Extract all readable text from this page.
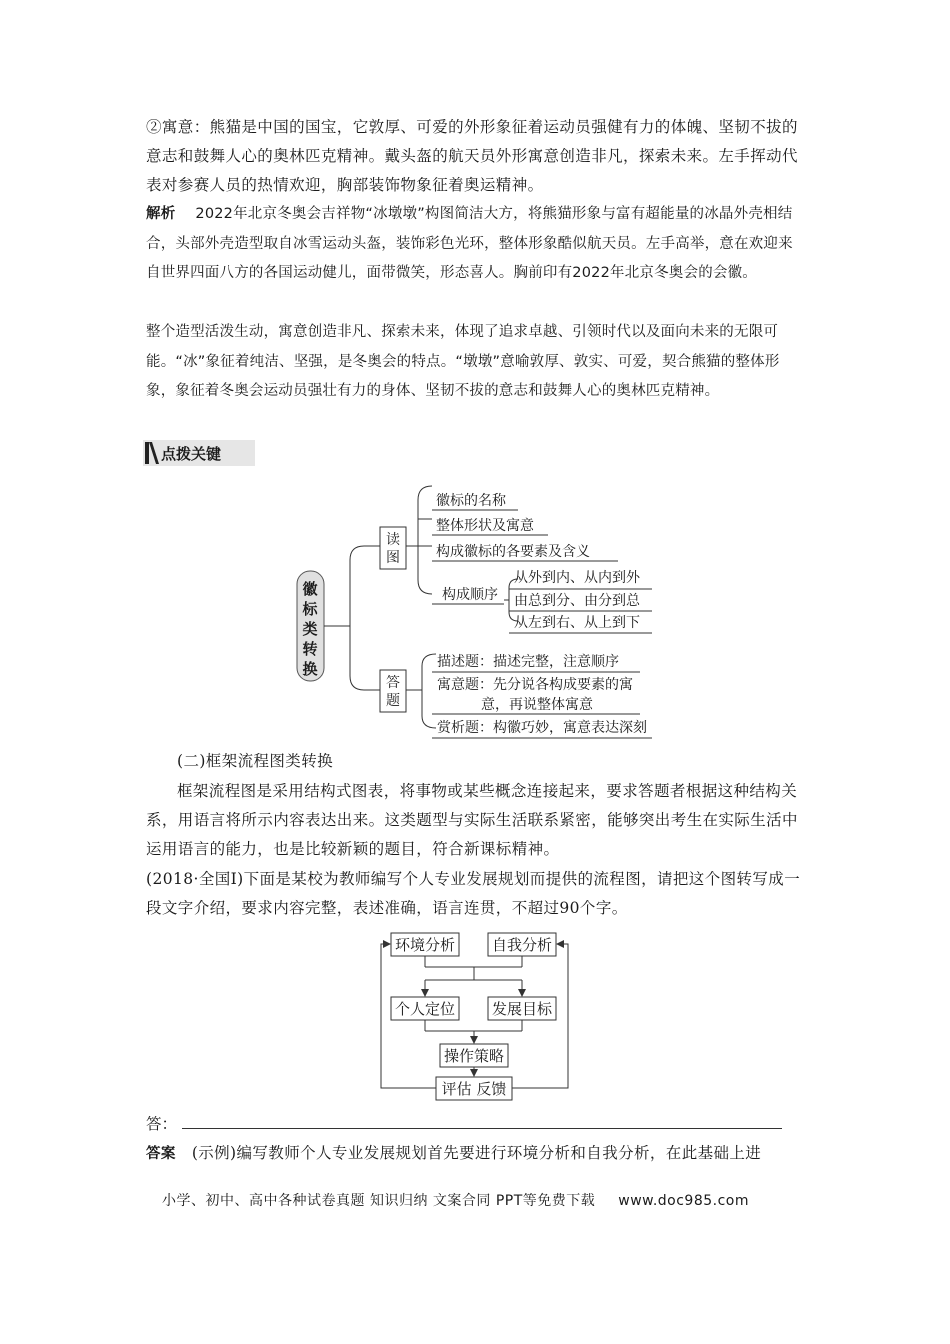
②寓意：熊猫是中国的国宝，它敦厚、可爱的外形象征着运动员强健有力的体魄、坚韧不拔的意志和鼓舞人心的奥林匹克精神。戴头盔的航天员外形寓意创造非凡，探索未来。左手挥动代表对参赛人员的热情欢迎，胸部装饰物象征着奥运精神。

解析 2022年北京冬奥会吉祥物“冰墩墩”构图简洁大方，将熊猫形象与富有超能量的冰晶外壳相结合，头部外壳造型取自冰雪运动头盔，装饰彩色光环，整体形象酷似航天员。左手高举，意在欢迎来自世界四面八方的各国运动健儿，面带微笑，形态喜人。胸前印有2022年北京冬奥会的会徽。

整个造型活泼生动，寓意创造非凡、探索未来，体现了追求卓越、引领时代以及面向未来的无限可能。“冰”象征着纯洁、坚强，是冬奥会的特点。“墩墩”意喻敦厚、敦实、可爱，契合熊猫的整体形象，象征着冬奥会运动员强壮有力的身体、坚韧不拔的意志和鼓舞人心的奥林匹克精神。

点拨关键
徽
标
类
转
换
读
图
答
题
徽标的名称
整体形状及寓意
构成徽标的各要素及含义
构成顺序
从外到内、从内到外
由总到分、由分到总
从左到右、从上到下
描述题：描述完整，注意顺序
寓意题：先分说各构成要素的寓
意，再说整体寓意
赏析题：构徽巧妙，寓意表达深刻
环境分析 自我分析
个人定位 发展目标
操作策略
评估 反馈

(二)框架流程图类转换

框架流程图是采用结构式图表，将事物或某些概念连接起来，要求答题者根据这种结构关系，用语言将所示内容表达出来。这类题型与实际生活联系紧密，能够突出考生在实际生活中运用语言的能力，也是比较新颖的题目，符合新课标精神。

(2018·全国Ⅰ)下面是某校为教师编写个人专业发展规划而提供的流程图，请把这个图转写成一段文字介绍，要求内容完整，表述准确，语言连贯，不超过90个字。

答：

答案 (示例)编写教师个人专业发展规划首先要进行环境分析和自我分析，在此基础上进

小学、初中、高中各种试卷真题 知识归纳 文案合同 PPT等免费下载 www.doc985.com
